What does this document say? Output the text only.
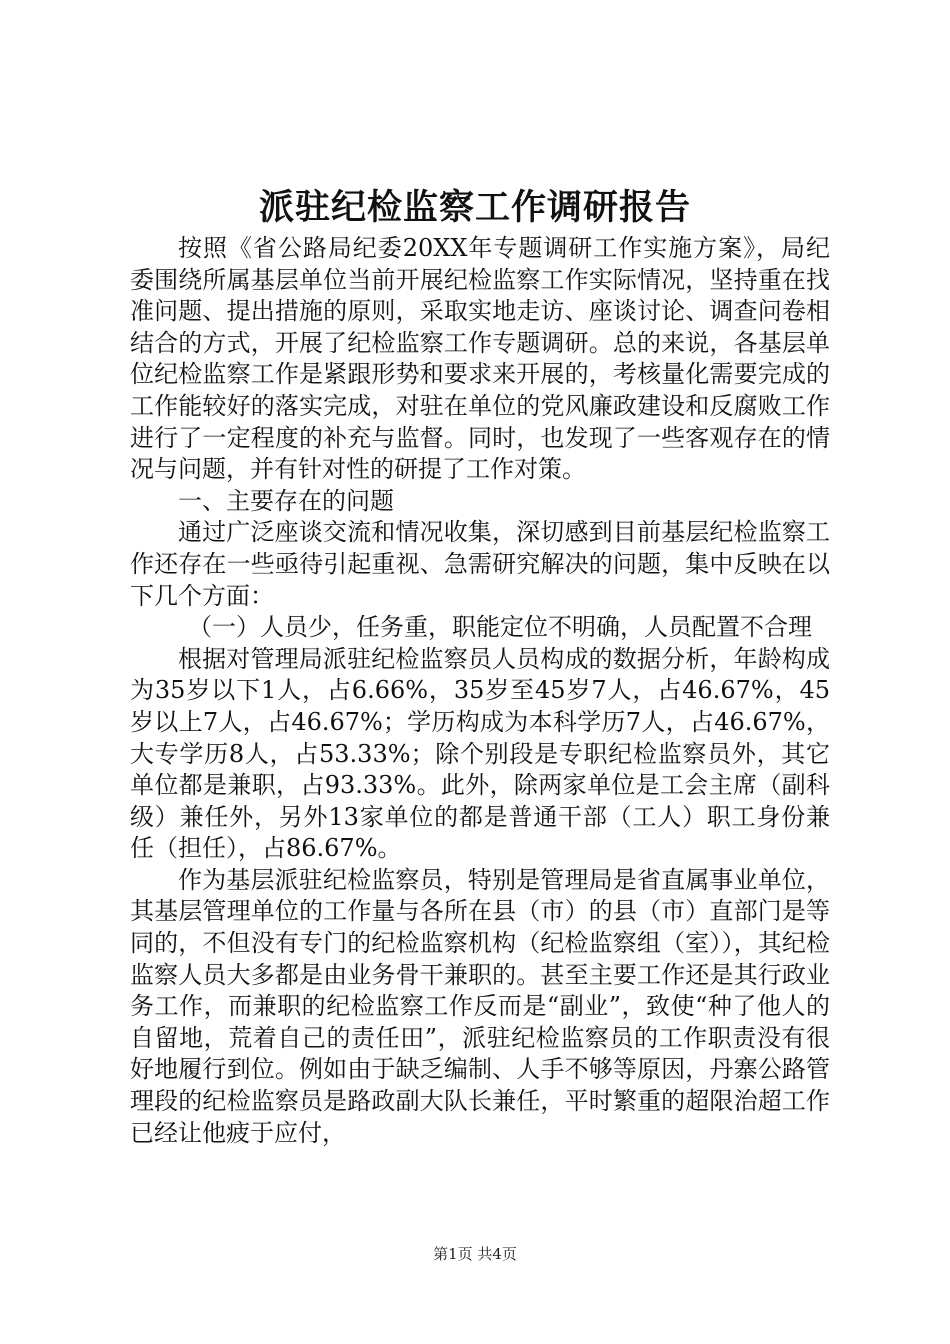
派驻纪检监察工作调研报告

按照《省公路局纪委20XX年专题调研工作实施方案》，局纪委围绕所属基层单位当前开展纪检监察工作实际情况，坚持重在找准问题、提出措施的原则，采取实地走访、座谈讨论、调查问卷相结合的方式，开展了纪检监察工作专题调研。总的来说，各基层单位纪检监察工作是紧跟形势和要求来开展的，考核量化需要完成的工作能较好的落实完成，对驻在单位的党风廉政建设和反腐败工作进行了一定程度的补充与监督。同时，也发现了一些客观存在的情况与问题，并有针对性的研提了工作对策。

一、主要存在的问题

通过广泛座谈交流和情况收集，深切感到目前基层纪检监察工作还存在一些亟待引起重视、急需研究解决的问题，集中反映在以下几个方面：

（一）人员少，任务重，职能定位不明确，人员配置不合理

根据对管理局派驻纪检监察员人员构成的数据分析，年龄构成为35岁以下1人，占6.66%，35岁至45岁7人，占46.67%，45岁以上7人，占46.67%；学历构成为本科学历7人，占46.67%，大专学历8人，占53.33%；除个别段是专职纪检监察员外，其它单位都是兼职，占93.33%。此外，除两家单位是工会主席（副科级）兼任外，另外13家单位的都是普通干部（工人）职工身份兼任（担任），占86.67%。

作为基层派驻纪检监察员，特别是管理局是省直属事业单位，其基层管理单位的工作量与各所在县（市）的县（市）直部门是等同的，不但没有专门的纪检监察机构（纪检监察组（室）），其纪检监察人员大多都是由业务骨干兼职的。甚至主要工作还是其行政业务工作，而兼职的纪检监察工作反而是“副业”，致使“种了他人的自留地，荒着自己的责任田”，派驻纪检监察员的工作职责没有很好地履行到位。例如由于缺乏编制、人手不够等原因，丹寨公路管理段的纪检监察员是路政副大队长兼任，平时繁重的超限治超工作已经让他疲于应付，

第1页 共4页
